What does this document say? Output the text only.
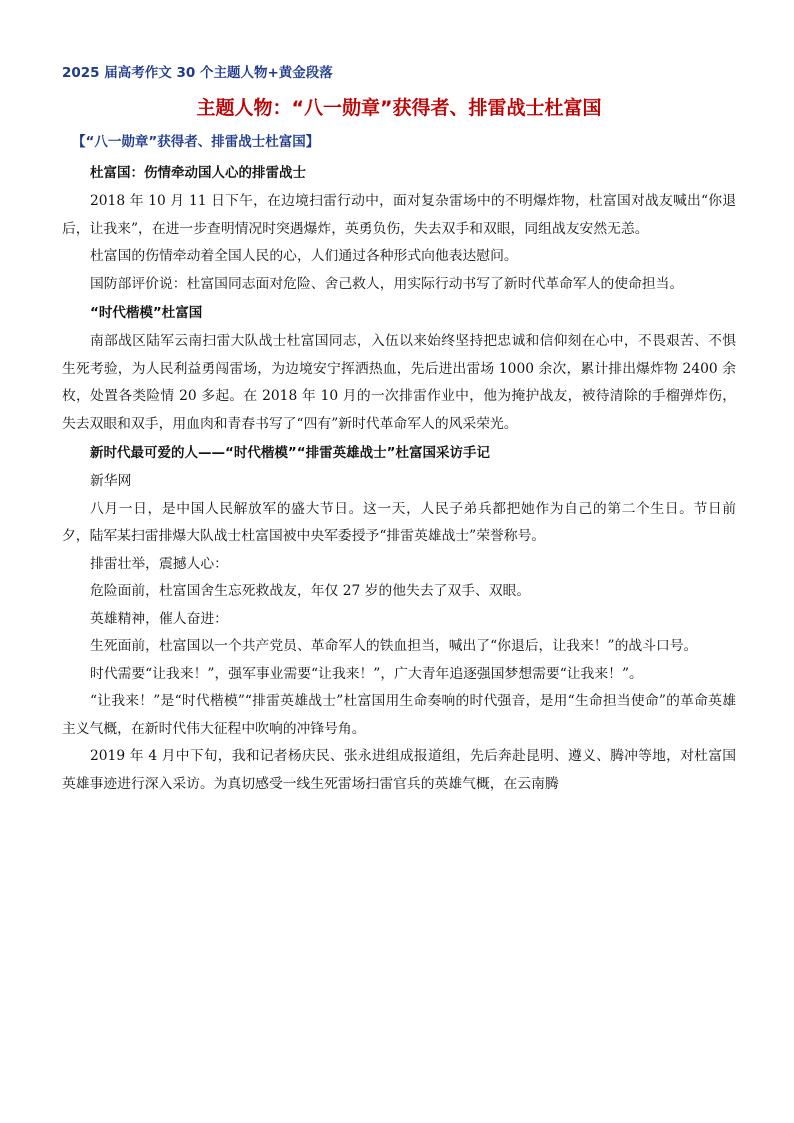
2025 届高考作文 30 个主题人物+黄金段落
主题人物：“八一勋章”获得者、排雷战士杜富国
【“八一勋章”获得者、排雷战士杜富国】
杜富国：伤情牵动国人心的排雷战士

2018 年 10 月 11 日下午，在边境扫雷行动中，面对复杂雷场中的不明爆炸物，杜富国对战友喊出“你退后，让我来”，在进一步查明情况时突遇爆炸，英勇负伤，失去双手和双眼，同组战友安然无恙。

杜富国的伤情牵动着全国人民的心，人们通过各种形式向他表达慰问。

国防部评价说：杜富国同志面对危险、舍己救人，用实际行动书写了新时代革命军人的使命担当。

“时代楷模”杜富国

南部战区陆军云南扫雷大队战士杜富国同志，入伍以来始终坚持把忠诚和信仰刻在心中，不畏艰苦、不惧生死考验，为人民利益勇闯雷场，为边境安宁挥洒热血，先后进出雷场 1000 余次，累计排出爆炸物 2400 余枚，处置各类险情 20 多起。在 2018 年 10 月的一次排雷作业中，他为掩护战友，被待清除的手榴弹炸伤，失去双眼和双手，用血肉和青春书写了“四有”新时代革命军人的风采荣光。

新时代最可爱的人——“时代楷模”“排雷英雄战士”杜富国采访手记

新华网

八月一日，是中国人民解放军的盛大节日。这一天，人民子弟兵都把她作为自己的第二个生日。节日前夕，陆军某扫雷排爆大队战士杜富国被中央军委授予“排雷英雄战士”荣誉称号。

排雷壮举，震撼人心：

危险面前，杜富国舍生忘死救战友，年仅 27 岁的他失去了双手、双眼。

英雄精神，催人奋进：

生死面前，杜富国以一个共产党员、革命军人的铁血担当，喊出了“你退后，让我来！”的战斗口号。

时代需要“让我来！”，强军事业需要“让我来！”，广大青年追逐强国梦想需要“让我来！”。

“让我来！”是“时代楷模”“排雷英雄战士”杜富国用生命奏响的时代强音，是用“生命担当使命”的革命英雄主义气概，在新时代伟大征程中吹响的冲锋号角。

2019 年 4 月中下旬，我和记者杨庆民、张永进组成报道组，先后奔赴昆明、遵义、腾冲等地，对杜富国英雄事迹进行深入采访。为真切感受一线生死雷场扫雷官兵的英雄气概，在云南腾
